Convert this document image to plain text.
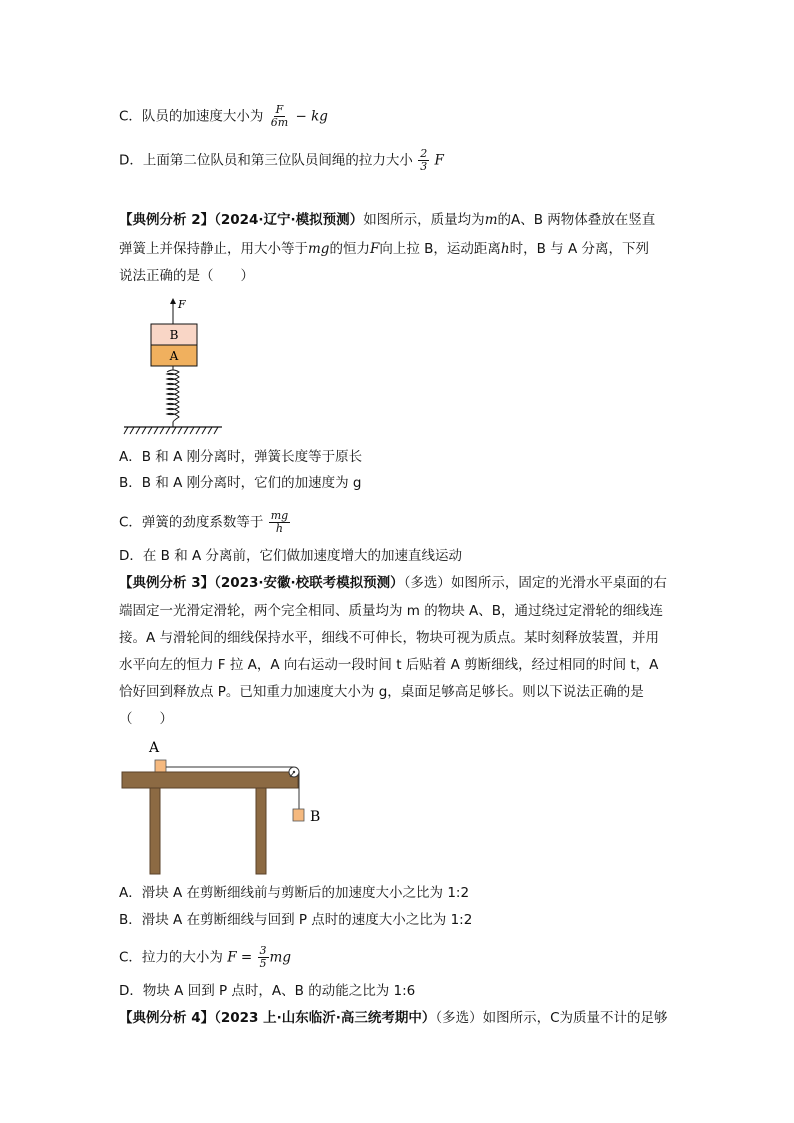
C．队员的加速度大小为 $\frac{F}{6m}$ − kg
D．上面第二位队员和第三位队员间绳的拉力大小 $\frac{2}{3}$ F
【典例分析 2】（2024·辽宁·模拟预测）如图所示，质量均为m的A、B 两物体叠放在竖直
弹簧上并保持静止，用大小等于mg的恒力F向上拉 B，运动距离h时，B 与 A 分离，下列
说法正确的是（　　）
F
B
A
A．B 和 A 刚分离时，弹簧长度等于原长
B．B 和 A 刚分离时，它们的加速度为 g
C．弹簧的劲度系数等于 $\frac{mg}{h}$
D．在 B 和 A 分离前，它们做加速度增大的加速直线运动
【典例分析 3】（2023·安徽·校联考模拟预测）（多选）如图所示，固定的光滑水平桌面的右
端固定一光滑定滑轮，两个完全相同、质量均为 m 的物块 A、B，通过绕过定滑轮的细线连
接。A 与滑轮间的细线保持水平，细线不可伸长，物块可视为质点。某时刻释放装置，并用
水平向左的恒力 F 拉 A，A 向右运动一段时间 t 后贴着 A 剪断细线，经过相同的时间 t，A
恰好回到释放点 P。已知重力加速度大小为 g，桌面足够高足够长。则以下说法正确的是
（　　）
A
B
A．滑块 A 在剪断细线前与剪断后的加速度大小之比为 1:2
B．滑块 A 在剪断细线与回到 P 点时的速度大小之比为 1:2
C．拉力的大小为 $F = \frac{3}{5}$ mg
D．物块 A 回到 P 点时，A、B 的动能之比为 1:6
【典例分析 4】（2023 上·山东临沂·高三统考期中）（多选）如图所示，C为质量不计的足够
